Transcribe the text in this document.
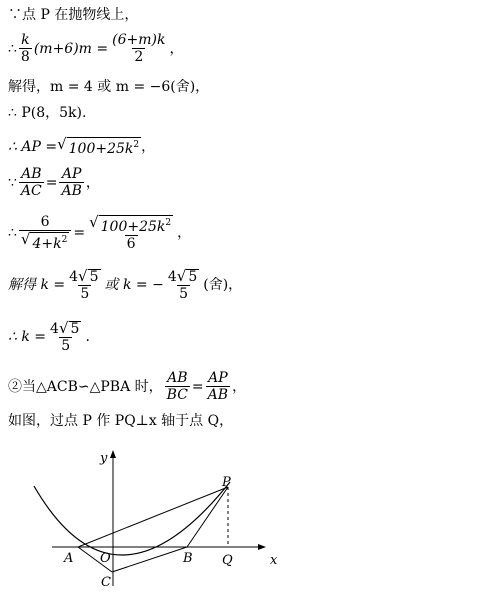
∵点 P 在抛物线上，
∴ $\frac{k}{8} (m+6)m = \frac{(6+m)k}{2}$ ，
解得，m = 4 或 m = −6(舍)，
∴ P(8，5k).
∴ AP = √ $100+25k^2$ ，
∵ $\frac{AB}{AC} = \frac{AP}{AB}$ ，
∴ $\frac{6}{√ 4+k^2} = \frac{√ 100+25k^2}{6}$ ，
解得 $k = \frac{4 √ 5}{5}$ 或 k = − $\frac{4 √ 5}{5}$ (舍)，
∴ $k = \frac{4 √ 5}{5}$ .
②当△ACB∽△PBA 时， $\frac{AB}{BC} = \frac{AP}{AB}$ ，
如图，过点 P 作 PQ⊥x 轴于点 Q，
y
x
O
A	B
C
P
Q
